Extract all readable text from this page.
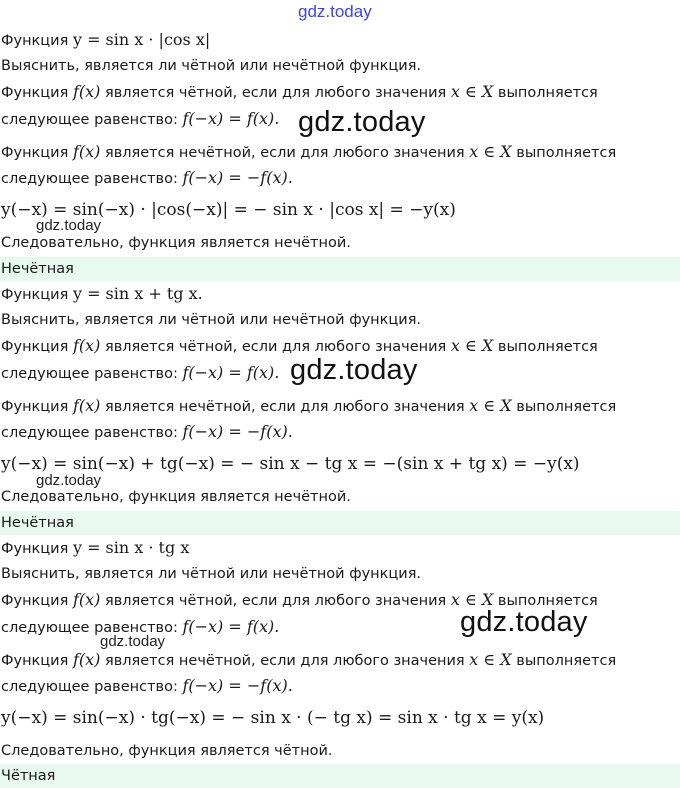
gdz.today
Функция y = sin x · |cos x|
Выяснить, является ли чётной или нечётной функция.
Функция f(x) является чётной, если для любого значения x ∈ X выполняется
следующее равенство: f(−x) = f(x). gdz.today
Функция f(x) является нечётной, если для любого значения x ∈ X выполняется
следующее равенство: f(−x) = −f(x).
y(−x) = sin(−x) · |cos(−x)| = − sin x · |cos x| = −y(x)
gdz.today
Следовательно, функция является нечётной.
Нечётная
Функция y = sin x + tg x.
Выяснить, является ли чётной или нечётной функция.
Функция f(x) является чётной, если для любого значения x ∈ X выполняется
следующее равенство: f(−x) = f(x). gdz.today
Функция f(x) является нечётной, если для любого значения x ∈ X выполняется
следующее равенство: f(−x) = −f(x).
y(−x) = sin(−x) + tg(−x) = − sin x − tg x = −(sin x + tg x) = −y(x)
gdz.today
Следовательно, функция является нечётной.
Нечётная
Функция y = sin x · tg x
Выяснить, является ли чётной или нечётной функция.
Функция f(x) является чётной, если для любого значения x ∈ X выполняется
следующее равенство: f(−x) = f(x).	gdz.today
gdz.today
Функция f(x) является нечётной, если для любого значения x ∈ X выполняется
следующее равенство: f(−x) = −f(x).
y(−x) = sin(−x) · tg(−x) = − sin x · (− tg x) = sin x · tg x = y(x)
Следовательно, функция является чётной.
Чётная
